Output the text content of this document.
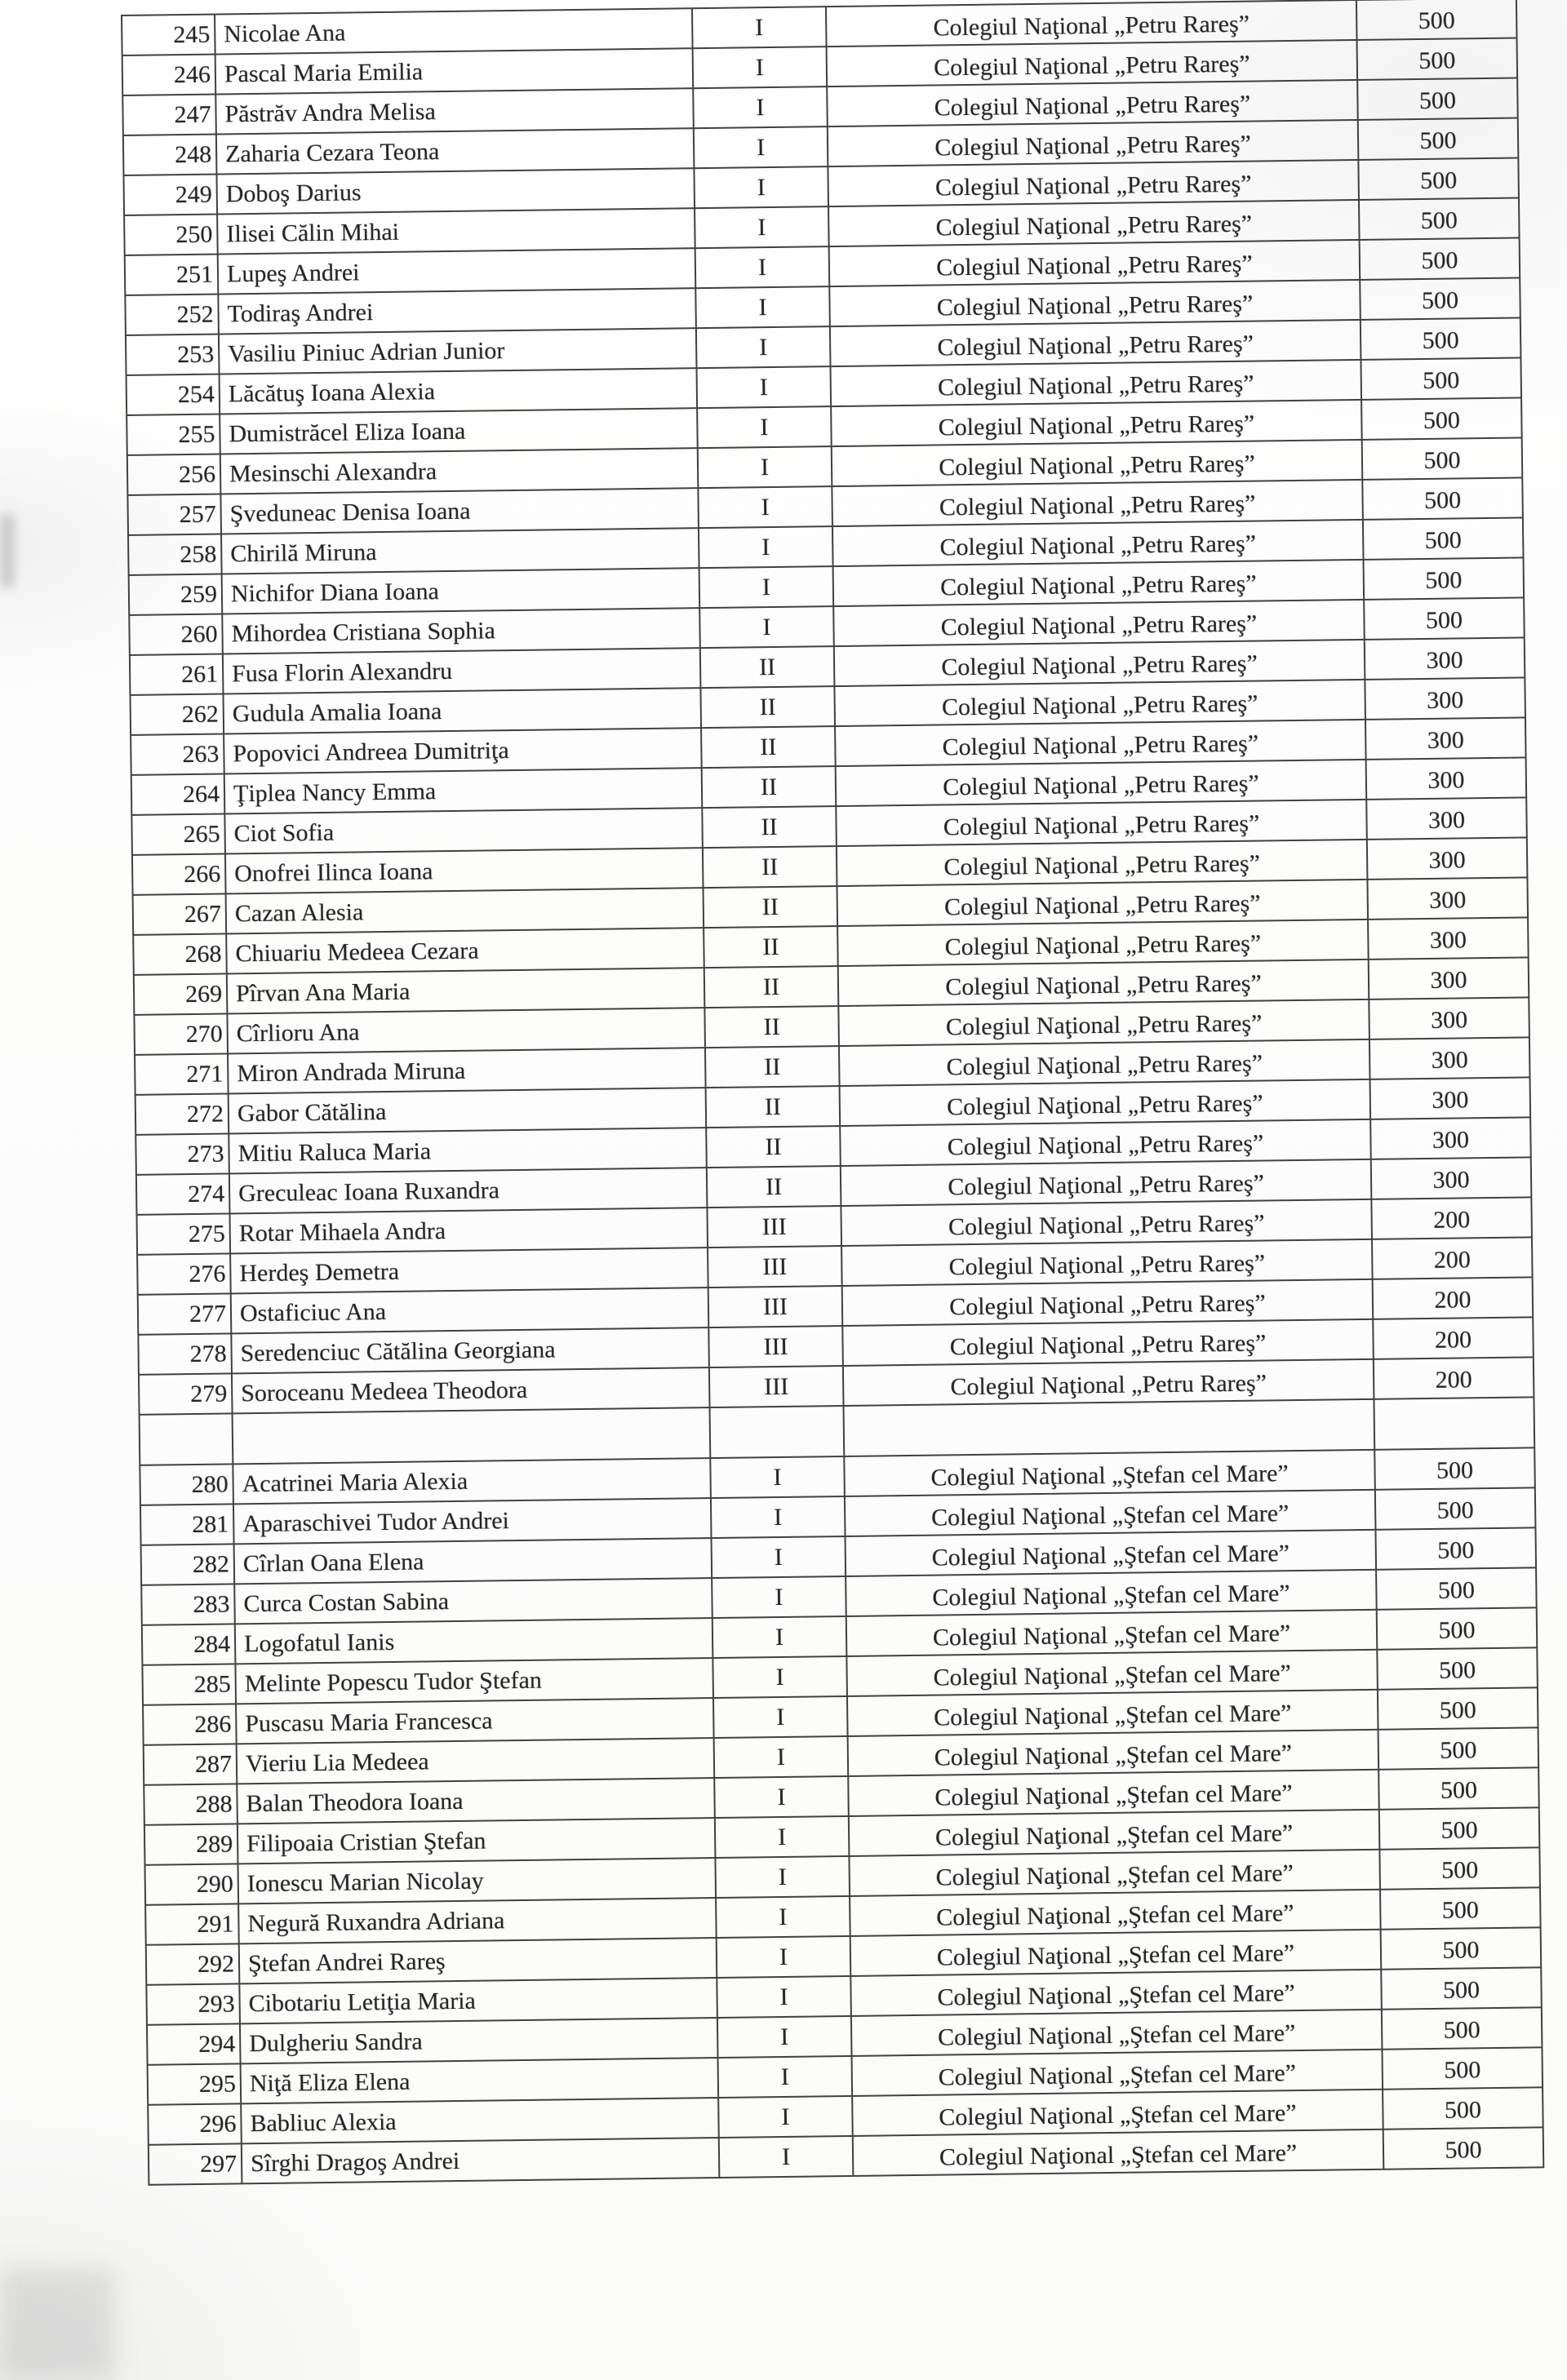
245	Nicolae Ana	I	Colegiul Naţional „Petru Rareş”	500
246	Pascal Maria Emilia	I	Colegiul Naţional „Petru Rareş”	500
247	Păstrăv Andra Melisa	I	Colegiul Naţional „Petru Rareş”	500
248	Zaharia Cezara Teona	I	Colegiul Naţional „Petru Rareş”	500
249	Doboş Darius	I	Colegiul Naţional „Petru Rareş”	500
250	Ilisei Călin Mihai	I	Colegiul Naţional „Petru Rareş”	500
251	Lupeş Andrei	I	Colegiul Naţional „Petru Rareş”	500
252	Todiraş Andrei	I	Colegiul Naţional „Petru Rareş”	500
253	Vasiliu Piniuc Adrian Junior	I	Colegiul Naţional „Petru Rareş”	500
254	Lăcătuş Ioana Alexia	I	Colegiul Naţional „Petru Rareş”	500
255	Dumistrăcel Eliza Ioana	I	Colegiul Naţional „Petru Rareş”	500
256	Mesinschi Alexandra	I	Colegiul Naţional „Petru Rareş”	500
257	Şveduneac Denisa Ioana	I	Colegiul Naţional „Petru Rareş”	500
258	Chirilă Miruna	I	Colegiul Naţional „Petru Rareş”	500
259	Nichifor Diana Ioana	I	Colegiul Naţional „Petru Rareş”	500
260	Mihordea Cristiana Sophia	I	Colegiul Naţional „Petru Rareş”	500
261	Fusa Florin Alexandru	II	Colegiul Naţional „Petru Rareş”	300
262	Gudula Amalia Ioana	II	Colegiul Naţional „Petru Rareş”	300
263	Popovici Andreea Dumitriţa	II	Colegiul Naţional „Petru Rareş”	300
264	Ţiplea Nancy Emma	II	Colegiul Naţional „Petru Rareş”	300
265	Ciot Sofia	II	Colegiul Naţional „Petru Rareş”	300
266	Onofrei Ilinca Ioana	II	Colegiul Naţional „Petru Rareş”	300
267	Cazan Alesia	II	Colegiul Naţional „Petru Rareş”	300
268	Chiuariu Medeea Cezara	II	Colegiul Naţional „Petru Rareş”	300
269	Pîrvan Ana Maria	II	Colegiul Naţional „Petru Rareş”	300
270	Cîrlioru Ana	II	Colegiul Naţional „Petru Rareş”	300
271	Miron Andrada Miruna	II	Colegiul Naţional „Petru Rareş”	300
272	Gabor Cătălina	II	Colegiul Naţional „Petru Rareş”	300
273	Mitiu Raluca Maria	II	Colegiul Naţional „Petru Rareş”	300
274	Greculeac Ioana Ruxandra	II	Colegiul Naţional „Petru Rareş”	300
275	Rotar Mihaela Andra	III	Colegiul Naţional „Petru Rareş”	200
276	Herdeş Demetra	III	Colegiul Naţional „Petru Rareş”	200
277	Ostaficiuc Ana	III	Colegiul Naţional „Petru Rareş”	200
278	Seredenciuc Cătălina Georgiana	III	Colegiul Naţional „Petru Rareş”	200
279	Soroceanu Medeea Theodora	III	Colegiul Naţional „Petru Rareş”	200

280	Acatrinei Maria Alexia	I	Colegiul Naţional „Ştefan cel Mare”	500
281	Aparaschivei Tudor Andrei	I	Colegiul Naţional „Ştefan cel Mare”	500
282	Cîrlan Oana Elena	I	Colegiul Naţional „Ştefan cel Mare”	500
283	Curca Costan Sabina	I	Colegiul Naţional „Ştefan cel Mare”	500
284	Logofatul Ianis	I	Colegiul Naţional „Ştefan cel Mare”	500
285	Melinte Popescu Tudor Ştefan	I	Colegiul Naţional „Ştefan cel Mare”	500
286	Puscasu Maria Francesca	I	Colegiul Naţional „Ştefan cel Mare”	500
287	Vieriu Lia Medeea	I	Colegiul Naţional „Ştefan cel Mare”	500
288	Balan Theodora Ioana	I	Colegiul Naţional „Ştefan cel Mare”	500
289	Filipoaia Cristian Ştefan	I	Colegiul Naţional „Ştefan cel Mare”	500
290	Ionescu Marian Nicolay	I	Colegiul Naţional „Ştefan cel Mare”	500
291	Negură Ruxandra Adriana	I	Colegiul Naţional „Ştefan cel Mare”	500
292	Ştefan Andrei Rareş	I	Colegiul Naţional „Ştefan cel Mare”	500
293	Cibotariu Letiţia Maria	I	Colegiul Naţional „Ştefan cel Mare”	500
294	Dulgheriu Sandra	I	Colegiul Naţional „Ştefan cel Mare”	500
295	Niţă Eliza Elena	I	Colegiul Naţional „Ştefan cel Mare”	500
296	Babliuc Alexia	I	Colegiul Naţional „Ştefan cel Mare”	500
297	Sîrghi Dragoş Andrei	I	Colegiul Naţional „Ştefan cel Mare”	500
